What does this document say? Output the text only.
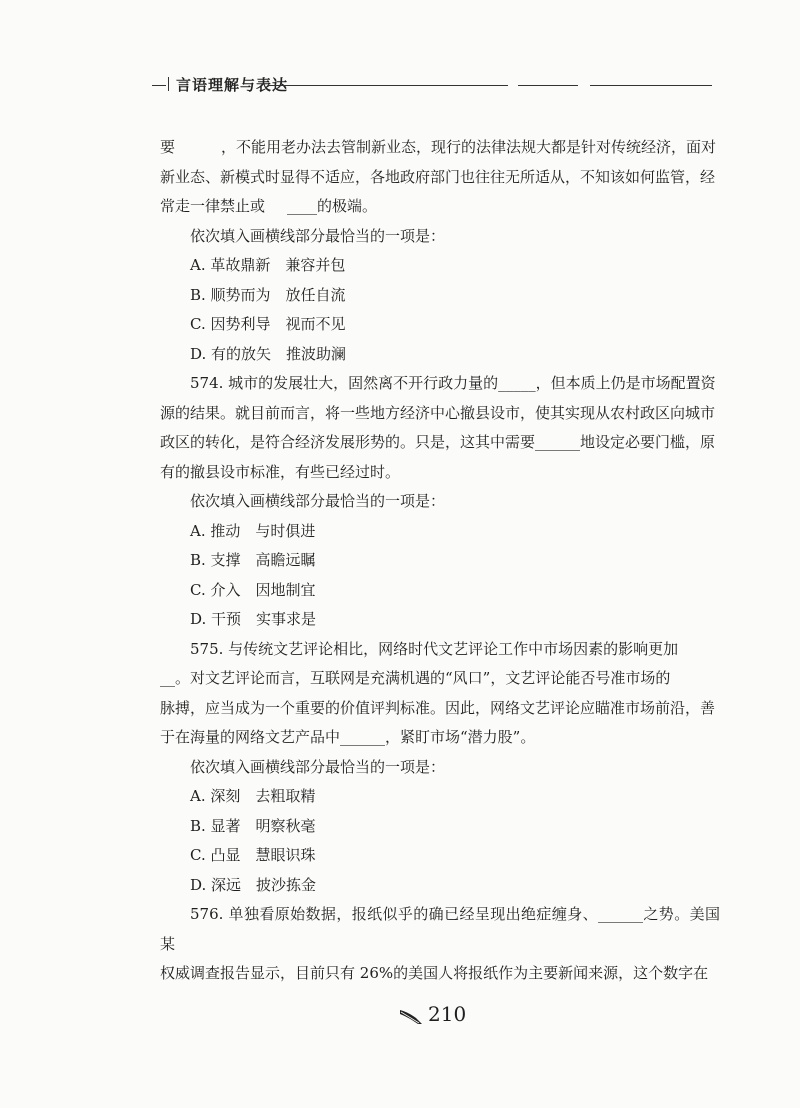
言语理解与表达

要	，不能用老办法去管制新业态，现行的法律法规大都是针对传统经济，面对
新业态、新模式时显得不适应，各地政府部门也往往无所适从，不知该如何监管，经
常走一律禁止或 ____的极端。

依次填入画横线部分最恰当的一项是：

A. 革故鼎新　兼容并包

B. 顺势而为　放任自流

C. 因势利导　视而不见

D. 有的放矢　推波助澜

574. 城市的发展壮大，固然离不开行政力量的_____，但本质上仍是市场配置资
源的结果。就目前而言，将一些地方经济中心撤县设市，使其实现从农村政区向城市
政区的转化，是符合经济发展形势的。只是，这其中需要______地设定必要门槛，原
有的撤县设市标准，有些已经过时。

依次填入画横线部分最恰当的一项是：

A. 推动　与时俱进

B. 支撑　高瞻远瞩

C. 介入　因地制宜

D. 干预　实事求是

575. 与传统文艺评论相比，网络时代文艺评论工作中市场因素的影响更加
__。对文艺评论而言，互联网是充满机遇的“风口”，文艺评论能否号准市场的
脉搏，应当成为一个重要的价值评判标准。因此，网络文艺评论应瞄准市场前沿，善
于在海量的网络文艺产品中______，紧盯市场“潜力股”。

依次填入画横线部分最恰当的一项是：

A. 深刻　去粗取精

B. 显著　明察秋毫

C. 凸显　慧眼识珠

D. 深远　披沙拣金

576. 单独看原始数据，报纸似乎的确已经呈现出绝症缠身、______之势。美国某
权威调查报告显示，目前只有 26%的美国人将报纸作为主要新闻来源，这个数字在

210
